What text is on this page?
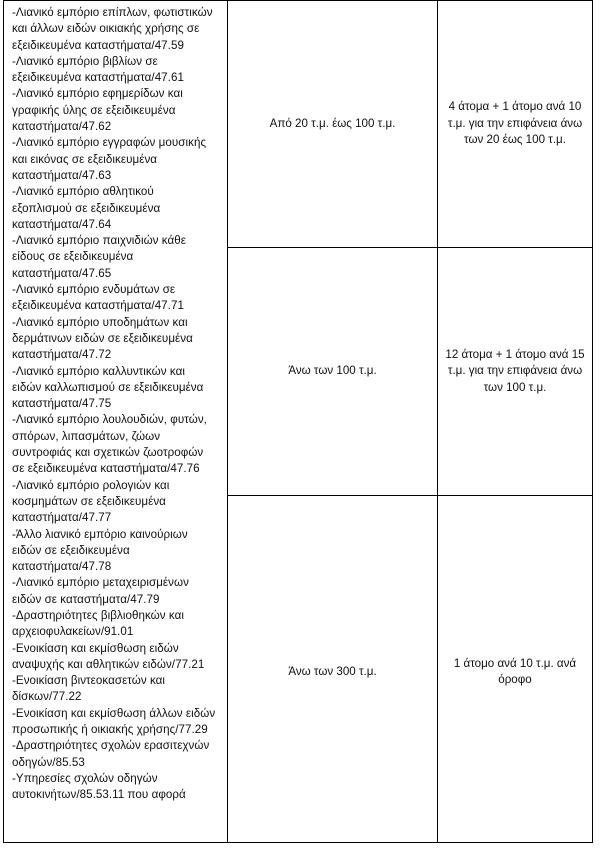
-Λιανικό εμπόριο επίπλων, φωτιστικών
και άλλων ειδών οικιακής χρήσης σε
εξειδικευμένα καταστήματα/47.59
-Λιανικό εμπόριο βιβλίων σε
εξειδικευμένα καταστήματα/47.61
-Λιανικό εμπόριο εφημερίδων και
γραφικής ύλης σε εξειδικευμένα
καταστήματα/47.62
-Λιανικό εμπόριο εγγραφών μουσικής
και εικόνας σε εξειδικευμένα
καταστήματα/47.63
-Λιανικό εμπόριο αθλητικού
εξοπλισμού σε εξειδικευμένα
καταστήματα/47.64
-Λιανικό εμπόριο παιχνιδιών κάθε
είδους σε εξειδικευμένα
καταστήματα/47.65
-Λιανικό εμπόριο ενδυμάτων σε
εξειδικευμένα καταστήματα/47.71
-Λιανικό εμπόριο υποδημάτων και
δερμάτινων ειδών σε εξειδικευμένα
καταστήματα/47.72
-Λιανικό εμπόριο καλλυντικών και
ειδών καλλωπισμού σε εξειδικευμένα
καταστήματα/47.75
-Λιανικό εμπόριο λουλουδιών, φυτών,
σπόρων, λιπασμάτων, ζώων
συντροφιάς και σχετικών ζωοτροφών
σε εξειδικευμένα καταστήματα/47.76
-Λιανικό εμπόριο ρολογιών και
κοσμημάτων σε εξειδικευμένα
καταστήματα/47.77
-Άλλο λιανικό εμπόριο καινούριων
ειδών σε εξειδικευμένα
καταστήματα/47.78
-Λιανικό εμπόριο μεταχειρισμένων
ειδών σε καταστήματα/47.79
-Δραστηριότητες βιβλιοθηκών και
αρχειοφυλακείων/91.01
-Ενοικίαση και εκμίσθωση ειδών
αναψυχής και αθλητικών ειδών/77.21
-Ενοικίαση βιντεοκασετών και
δίσκων/77.22
-Ενοικίαση και εκμίσθωση άλλων ειδών
προσωπικής ή οικιακής χρήσης/77.29
-Δραστηριότητες σχολών ερασιτεχνών
οδηγών/85.53
-Υπηρεσίες σχολών οδηγών
αυτοκινήτων/85.53.11 που αφορά
Από 20 τ.μ. έως 100 τ.μ.
Άνω των 100 τ.μ.
Άνω των 300 τ.μ.
4 άτομα + 1 άτομο ανά 10
τ.μ. για την επιφάνεια άνω
των 20 έως 100 τ.μ.
12 άτομα + 1 άτομο ανά 15
τ.μ. για την επιφάνεια άνω
των 100 τ.μ.
1 άτομο ανά 10 τ.μ. ανά
όροφο
